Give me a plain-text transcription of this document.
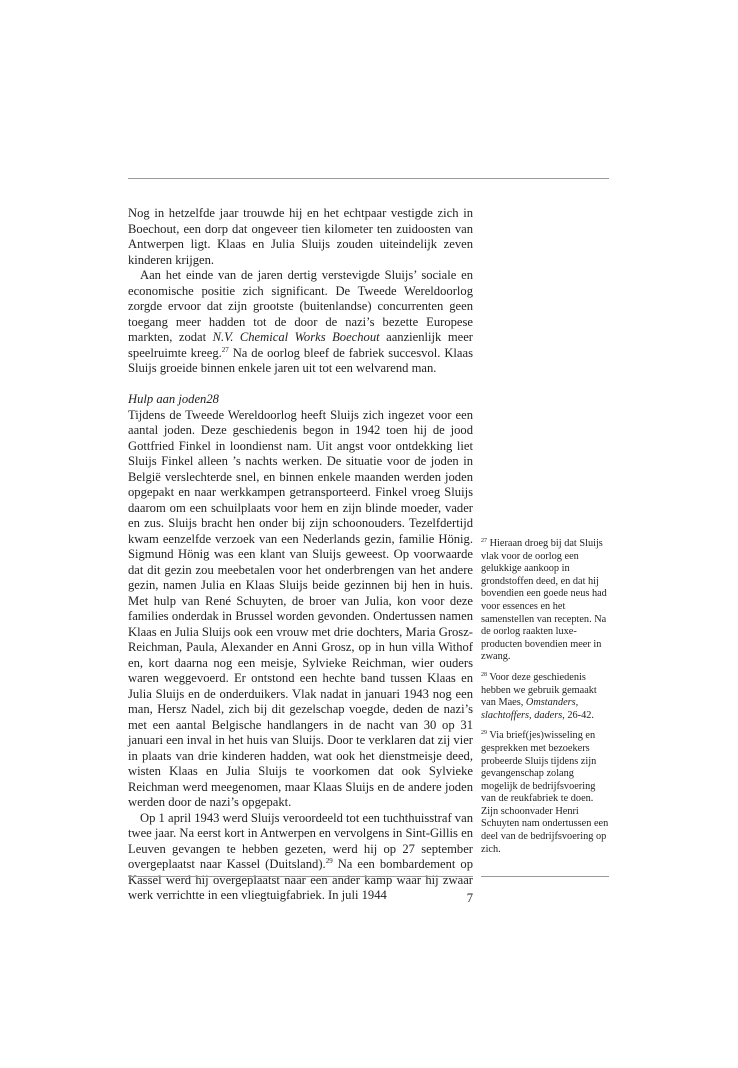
Nog in hetzelfde jaar trouwde hij en het echtpaar vestigde zich in Boechout, een dorp dat ongeveer tien kilometer ten zuidoosten van Antwerpen ligt. Klaas en Julia Sluijs zouden uiteindelijk zeven kinderen krijgen.

Aan het einde van de jaren dertig verstevigde Sluijs’ sociale en economische positie zich significant. De Tweede Wereldoorlog zorgde ervoor dat zijn grootste (buitenlandse) concurrenten geen toegang meer hadden tot de door de nazi’s bezette Europese markten, zodat N.V. Chemical Works Boechout aanzienlijk meer speelruimte kreeg.$^{27}$ Na de oorlog bleef de fabriek succesvol. Klaas Sluijs groeide binnen enkele jaren uit tot een welvarend man.

Hulp aan joden28

Tijdens de Tweede Wereldoorlog heeft Sluijs zich ingezet voor een aantal joden. Deze geschiedenis begon in 1942 toen hij de jood Gottfried Finkel in loondienst nam. Uit angst voor ontdekking liet Sluijs Finkel alleen ’s nachts werken. De situatie voor de joden in België verslechterde snel, en binnen enkele maanden werden joden opgepakt en naar werkkampen getransporteerd. Finkel vroeg Sluijs daarom om een schuilplaats voor hem en zijn blinde moeder, vader en zus. Sluijs bracht hen onder bij zijn schoonouders. Tezelfdertijd kwam eenzelfde verzoek van een Nederlands gezin, familie Hönig. Sigmund Hönig was een klant van Sluijs geweest. Op voorwaarde dat dit gezin zou meebetalen voor het onderbrengen van het andere gezin, namen Julia en Klaas Sluijs beide gezinnen bij hen in huis. Met hulp van René Schuyten, de broer van Julia, kon voor deze families onderdak in Brussel worden gevonden. Ondertussen namen Klaas en Julia Sluijs ook een vrouw met drie dochters, Maria Grosz-Reichman, Paula, Alexander en Anni Grosz, op in hun villa Withof en, kort daarna nog een meisje, Sylvieke Reichman, wier ouders waren weggevoerd. Er ontstond een hechte band tussen Klaas en Julia Sluijs en de onderduikers. Vlak nadat in januari 1943 nog een man, Hersz Nadel, zich bij dit gezelschap voegde, deden de nazi’s met een aantal Belgische handlangers in de nacht van 30 op 31 januari een inval in het huis van Sluijs. Door te verklaren dat zij vier in plaats van drie kinderen hadden, wat ook het dienstmeisje deed, wisten Klaas en Julia Sluijs te voorkomen dat ook Sylvieke Reichman werd meegenomen, maar Klaas Sluijs en de andere joden werden door de nazi’s opgepakt.

Op 1 april 1943 werd Sluijs veroordeeld tot een tuchthuisstraf van twee jaar. Na eerst kort in Antwerpen en vervolgens in Sint-Gillis en Leuven gevangen te hebben gezeten, werd hij op 27 september overgeplaatst naar Kassel (Duitsland).$^{29}$ Na een bombardement op Kassel werd hij overgeplaatst naar een ander kamp waar hij zwaar werk verrichtte in een vliegtuigfabriek. In juli 1944

$^{27}$ Hieraan droeg bij dat Sluijs vlak voor de oorlog een gelukkige aankoop in grondstoffen deed, en dat hij bovendien een goede neus had voor essences en het samenstellen van recepten. Na de oorlog raakten luxe-producten bovendien meer in zwang.

$^{28}$ Voor deze geschiedenis hebben we gebruik gemaakt van Maes, Omstanders, slachtoffers, daders, 26-42.

$^{29}$ Via brief(jes)wisseling en gesprekken met bezoekers probeerde Sluijs tijdens zijn gevangenschap zolang mogelijk de bedrijfsvoering van de reukfabriek te doen. Zijn schoonvader Henri Schuyten nam ondertussen een deel van de bedrijfsvoering op zich.

7
